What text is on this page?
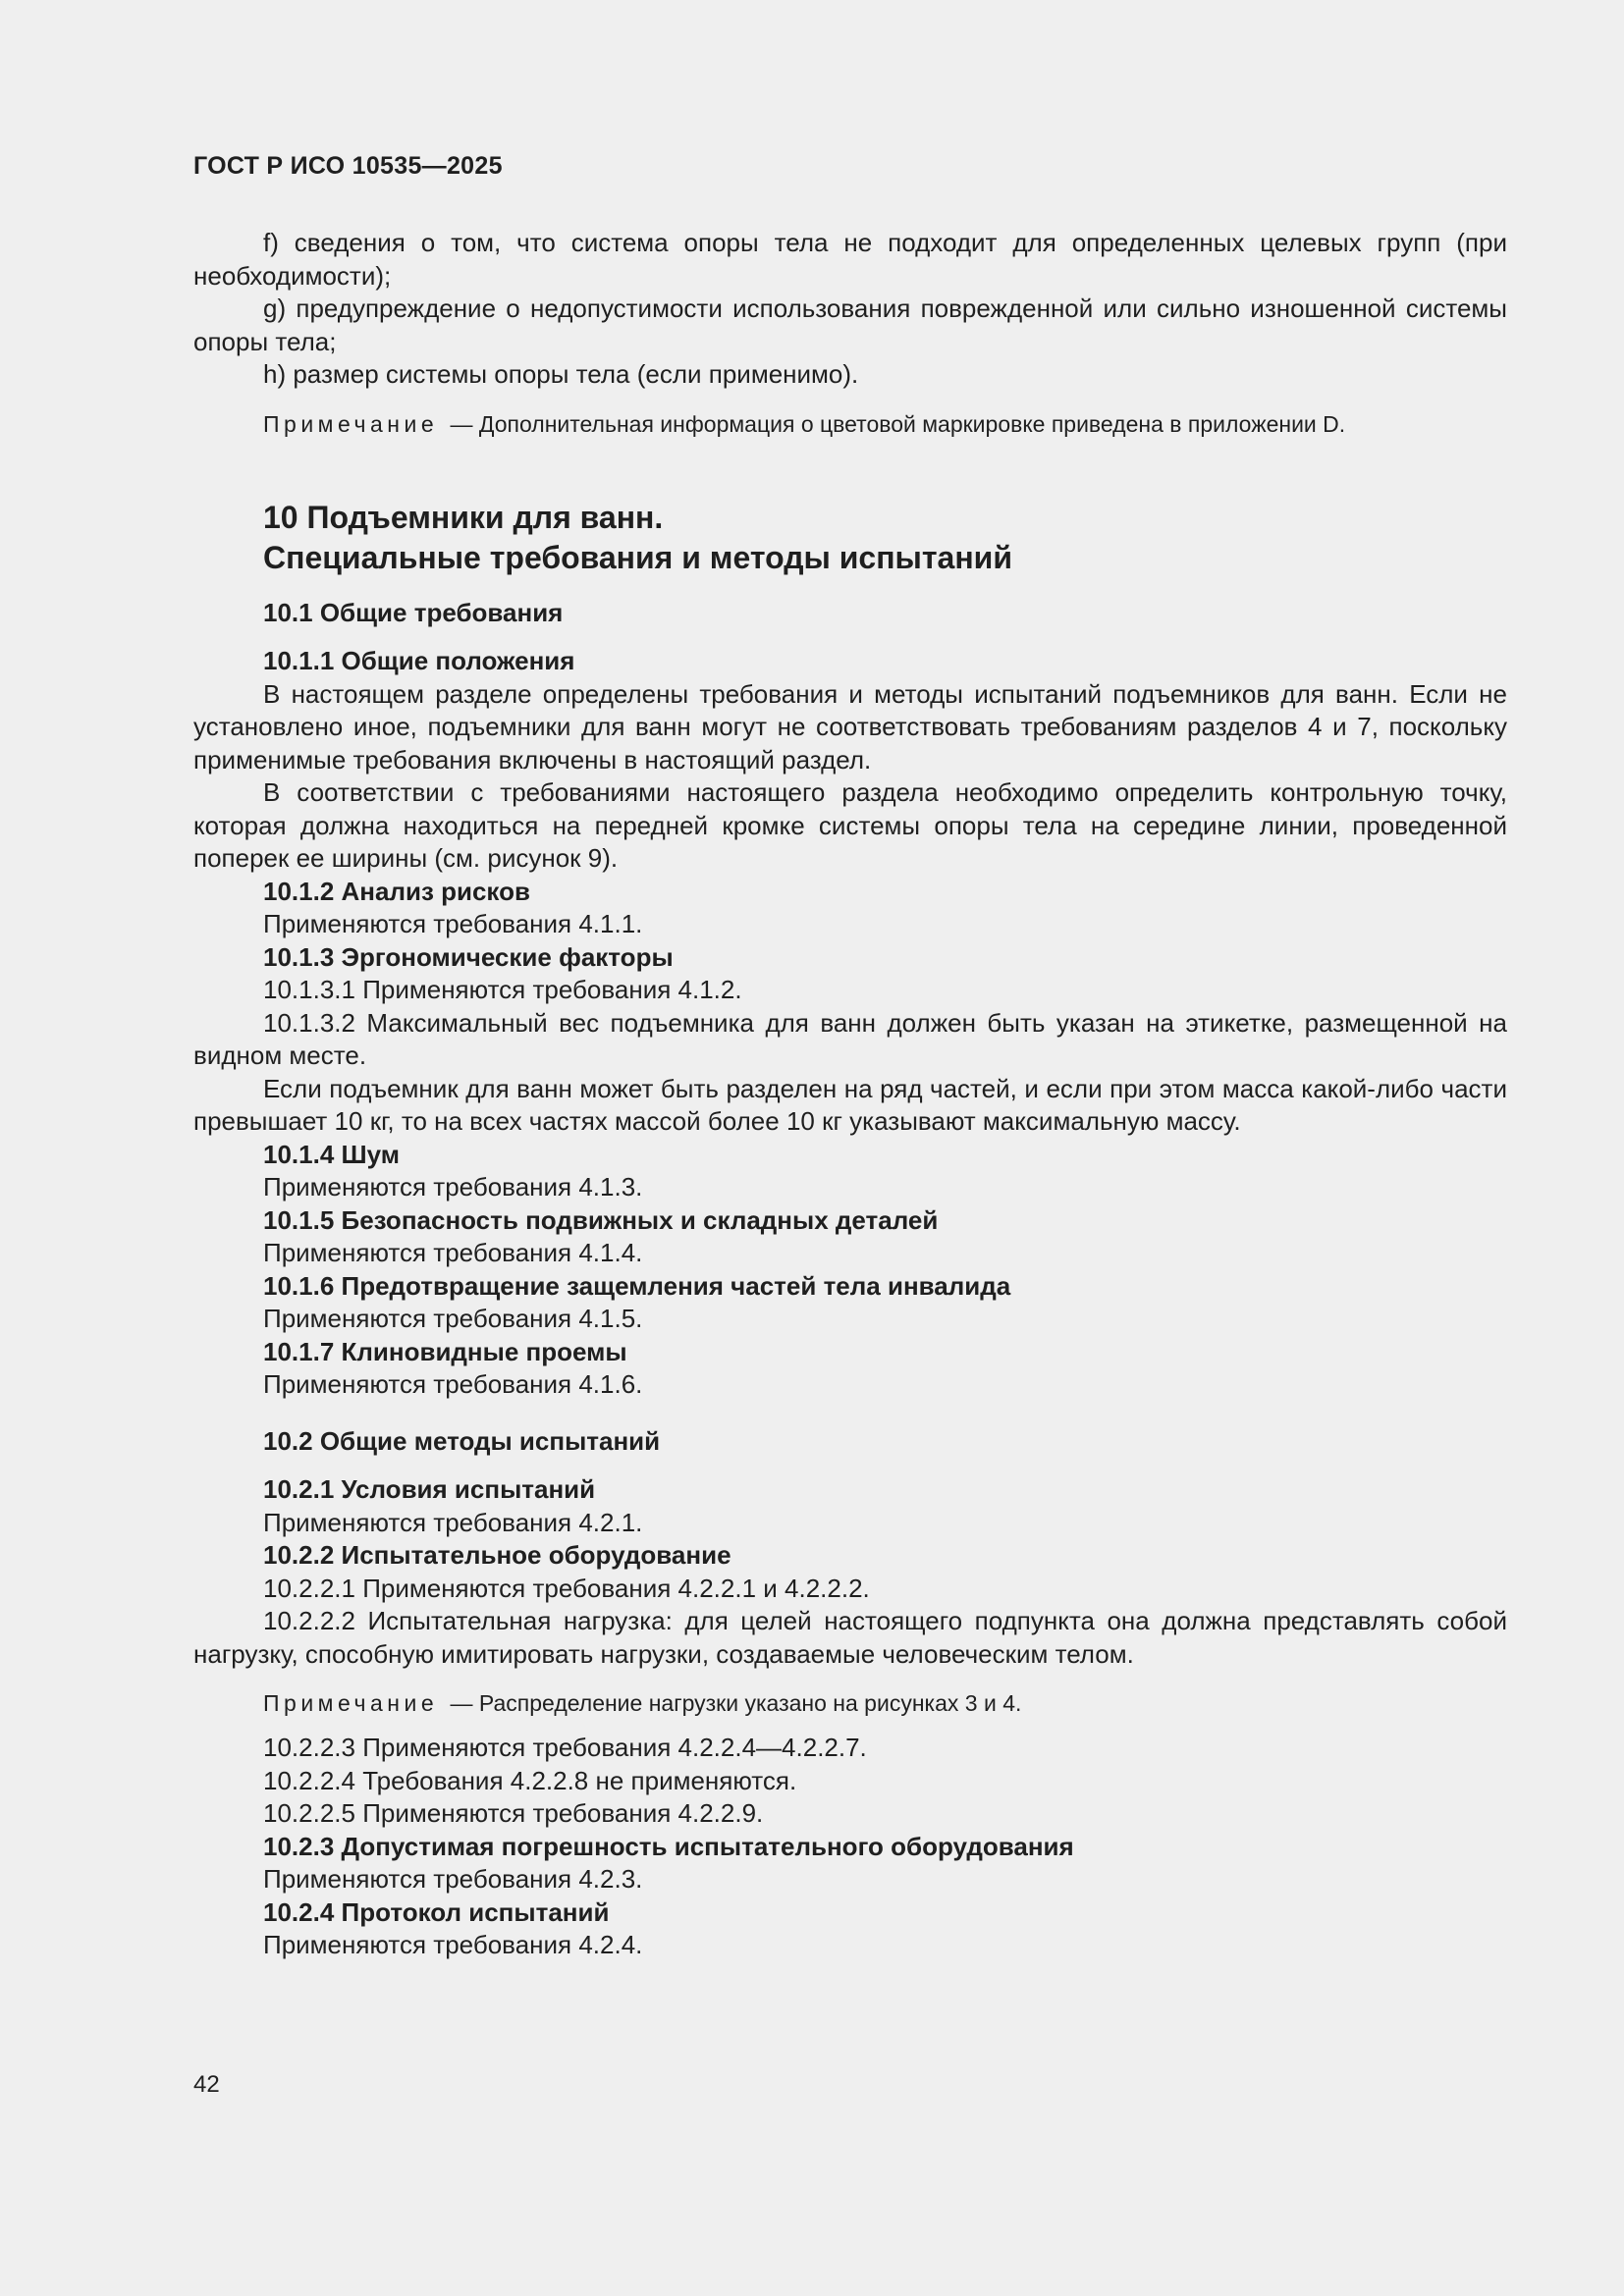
ГОСТ Р ИСО 10535—2025

f) сведения о том, что система опоры тела не подходит для определенных целевых групп (при необходимости);

g) предупреждение о недопустимости использования поврежденной или сильно изношенной системы опоры тела;

h) размер системы опоры тела (если применимо).

Примечание — Дополнительная информация о цветовой маркировке приведена в приложении D.

10 Подъемники для ванн.
Специальные требования и методы испытаний

10.1 Общие требования

10.1.1 Общие положения

В настоящем разделе определены требования и методы испытаний подъемников для ванн. Если не установлено иное, подъемники для ванн могут не соответствовать требованиям разделов 4 и 7, поскольку применимые требования включены в настоящий раздел.

В соответствии с требованиями настоящего раздела необходимо определить контрольную точку, которая должна находиться на передней кромке системы опоры тела на середине линии, проведенной поперек ее ширины (см. рисунок 9).

10.1.2 Анализ рисков

Применяются требования 4.1.1.

10.1.3 Эргономические факторы

10.1.3.1 Применяются требования 4.1.2.

10.1.3.2 Максимальный вес подъемника для ванн должен быть указан на этикетке, размещенной на видном месте.

Если подъемник для ванн может быть разделен на ряд частей, и если при этом масса какой-либо части превышает 10 кг, то на всех частях массой более 10 кг указывают максимальную массу.

10.1.4 Шум

Применяются требования 4.1.3.

10.1.5 Безопасность подвижных и складных деталей

Применяются требования 4.1.4.

10.1.6 Предотвращение защемления частей тела инвалида

Применяются требования 4.1.5.

10.1.7 Клиновидные проемы

Применяются требования 4.1.6.

10.2 Общие методы испытаний

10.2.1 Условия испытаний

Применяются требования 4.2.1.

10.2.2 Испытательное оборудование

10.2.2.1 Применяются требования 4.2.2.1 и 4.2.2.2.

10.2.2.2 Испытательная нагрузка: для целей настоящего подпункта она должна представлять собой нагрузку, способную имитировать нагрузки, создаваемые человеческим телом.

Примечание — Распределение нагрузки указано на рисунках 3 и 4.

10.2.2.3 Применяются требования 4.2.2.4—4.2.2.7.

10.2.2.4 Требования 4.2.2.8 не применяются.

10.2.2.5 Применяются требования 4.2.2.9.

10.2.3 Допустимая погрешность испытательного оборудования

Применяются требования 4.2.3.

10.2.4 Протокол испытаний

Применяются требования 4.2.4.

42
